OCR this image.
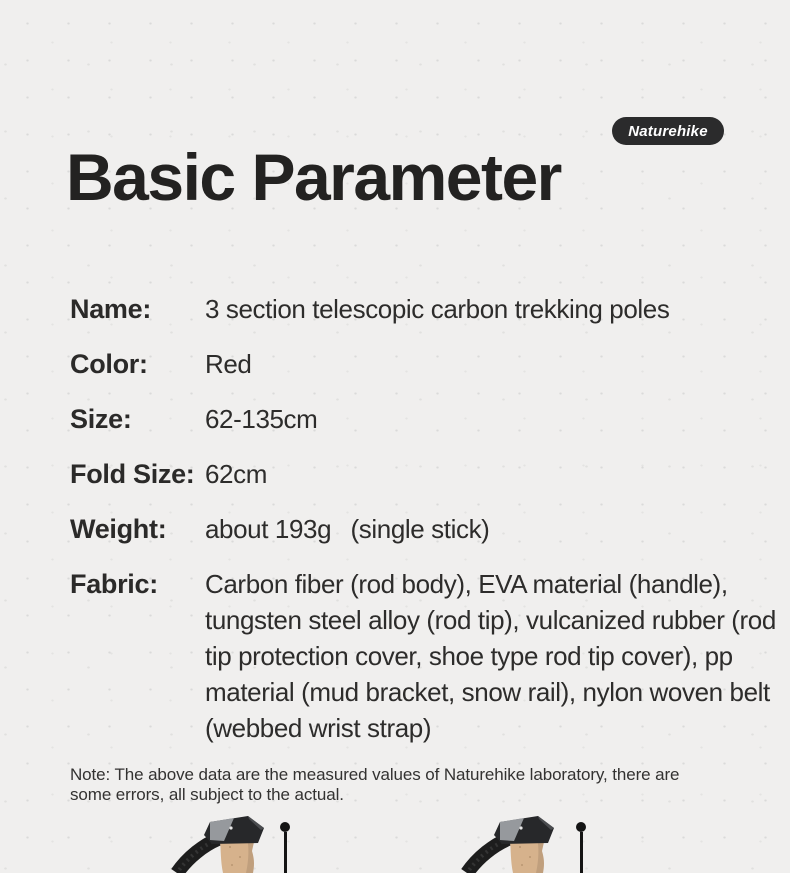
Naturehike
Basic Parameter
Name:	3 section telescopic carbon trekking poles
Color:	Red
Size:	62-135cm
Fold Size: 62cm
Weight:	about 193g  (single stick)
Fabric:	Carbon fiber (rod body), EVA material (handle), tungsten steel alloy (rod tip), vulcanized rubber (rod tip protection cover, shoe type rod tip cover), pp material (mud bracket, snow rail), nylon woven belt (webbed wrist strap)

Note: The above data are the measured values of Naturehike laboratory, there are some errors, all subject to the actual.
